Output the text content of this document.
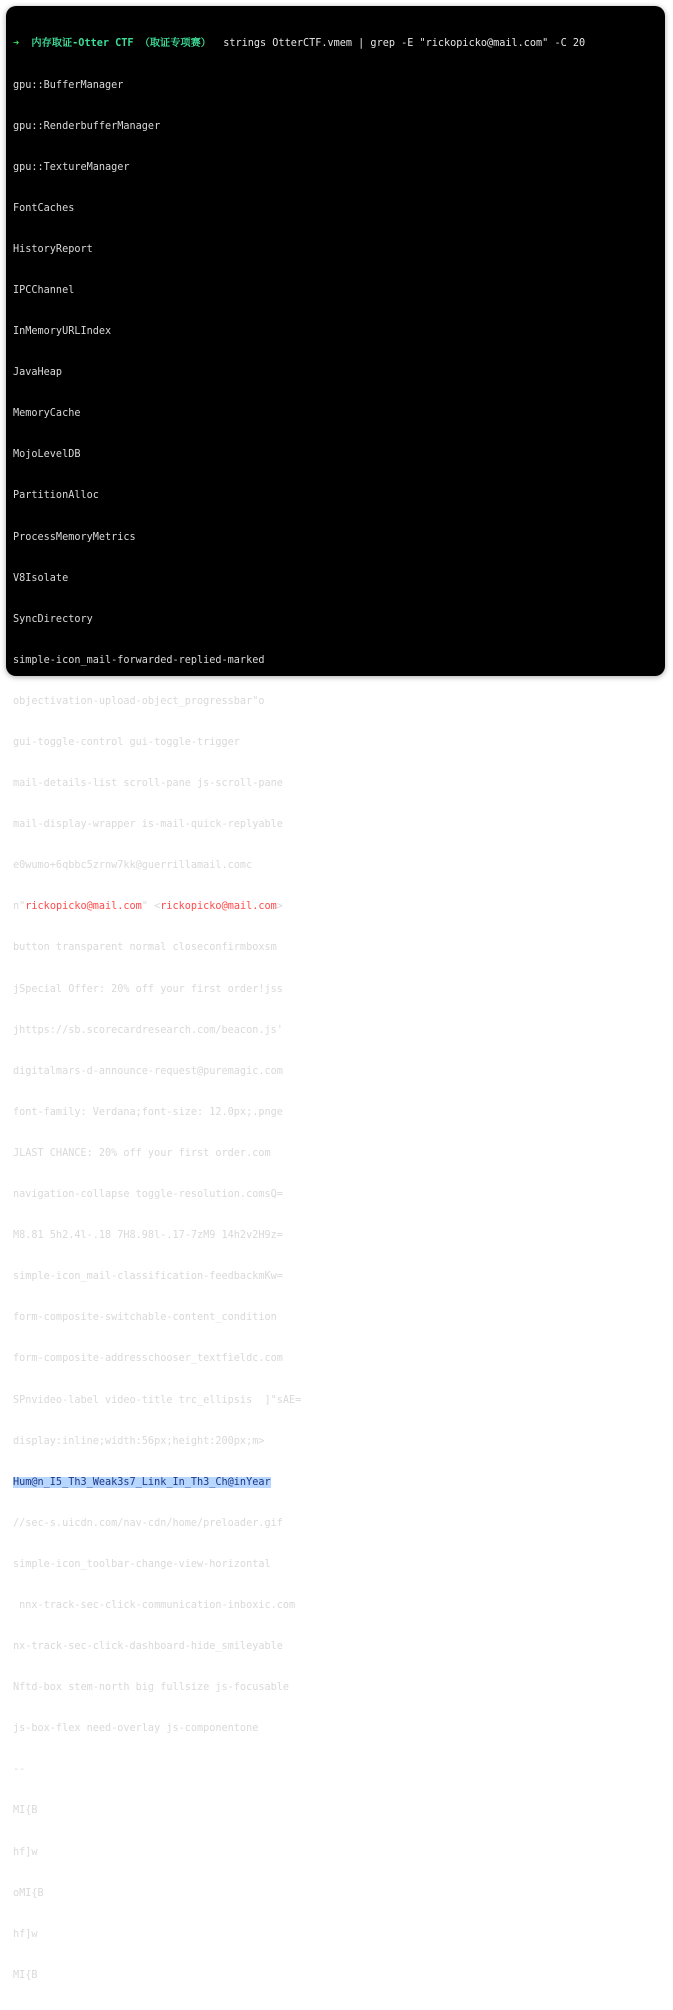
➜ 内存取证-Otter CTF （取证专项赛） strings OtterCTF.vmem | grep -E "rickopicko@mail.com" -C 20

gpu::BufferManager

gpu::RenderbufferManager

gpu::TextureManager

FontCaches

HistoryReport

IPCChannel

InMemoryURLIndex

JavaHeap

MemoryCache

MojoLevelDB

PartitionAlloc

ProcessMemoryMetrics

V8Isolate

SyncDirectory

simple-icon_mail-forwarded-replied-marked

objectivation-upload-object_progressbar"o

gui-toggle-control gui-toggle-trigger

mail-details-list scroll-pane js-scroll-pane

mail-display-wrapper is-mail-quick-replyable

e0wumo+6qbbc5zrnw7kk@guerrillamail.comc

n"rickopicko@mail.com" <rickopicko@mail.com>

button transparent normal closeconfirmboxsm

jSpecial Offer: 20% off your first order!jss

jhttps://sb.scorecardresearch.com/beacon.js'

digitalmars-d-announce-request@puremagic.com

font-family: Verdana;font-size: 12.0px;.pnge

JLAST CHANCE: 20% off your first order.com

navigation-collapse toggle-resolution.comsQ=

M8.81 5h2.4l-.18 7H8.98l-.17-7zM9 14h2v2H9z=

simple-icon_mail-classification-feedbackmKw=

form-composite-switchable-content_condition

form-composite-addresschooser_textfieldc.com

SPnvideo-label video-title trc_ellipsis  ]"sAE=

display:inline;width:56px;height:200px;m>

Hum@n_I5_Th3_Weak3s7_Link_In_Th3_Ch@inYear

//sec-s.uicdn.com/nav-cdn/home/preloader.gif

simple-icon_toolbar-change-view-horizontal

nnx-track-sec-click-communication-inboxic.com

nx-track-sec-click-dashboard-hide_smileyable

Nftd-box stem-north big fullsize js-focusable

js-box-flex need-overlay js-componentone

--

MI{B

hf]w

oMI{B

hf]w

MI{B
